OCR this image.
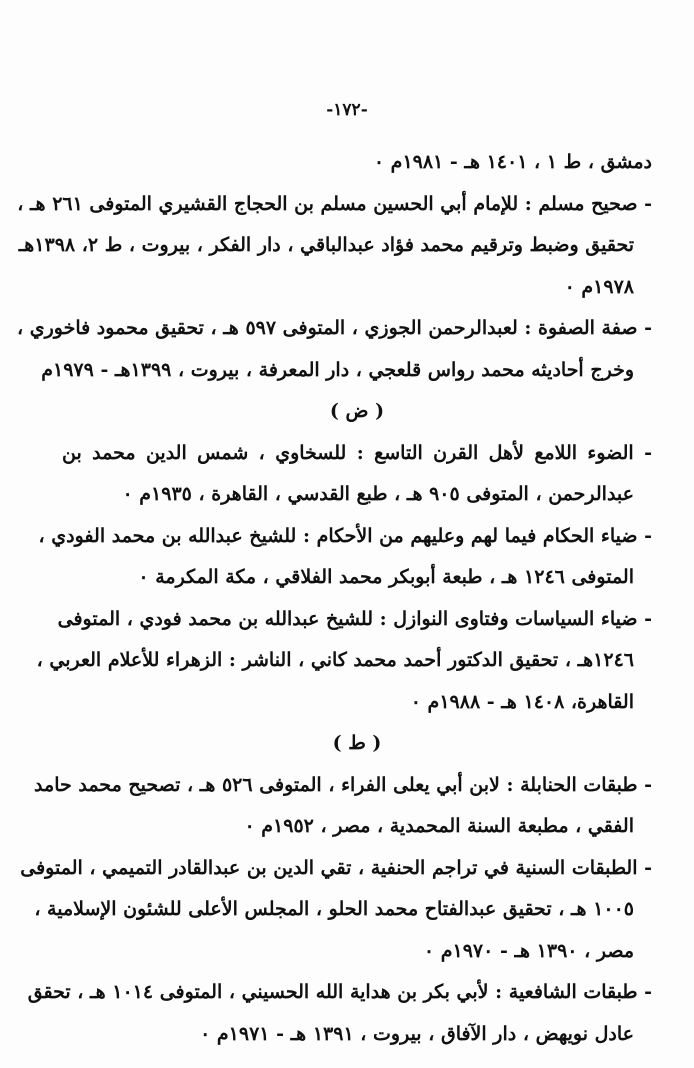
-١٧٢-
دمشق ، ط ١ ، ١٤٠١ هـ - ١٩٨١م ٠
- صحيح مسلم : للإمام أبي الحسين مسلم بن الحجاج القشيري المتوفى ٢٦١ هـ ،
تحقيق وضبط وترقيم محمد فؤاد عبدالباقي ، دار الفكر ، بيروت ، ط ٢، ١٣٩٨هـ
١٩٧٨م ٠
- صفة الصفوة : لعبدالرحمن الجوزي ، المتوفى ٥٩٧ هـ ، تحقيق محمود فاخوري ،
وخرج أحاديثه محمد رواس قلعجي ، دار المعرفة ، بيروت ، ١٣٩٩هـ - ١٩٧٩م
( ض )
- الضوء اللامع لأهل القرن التاسع : للسخاوي ، شمس الدين محمد بن
عبدالرحمن ، المتوفى ٩٠٥ هـ ، طبع القدسي ، القاهرة ، ١٩٣٥م ٠
- ضياء الحكام فيما لهم وعليهم من الأحكام : للشيخ عبدالله بن محمد الفودي ،
المتوفى ١٢٤٦ هـ ، طبعة أبوبكر محمد الفلاقي ، مكة المكرمة ٠
- ضياء السياسات وفتاوى النوازل : للشيخ عبدالله بن محمد فودي ، المتوفى
١٢٤٦هـ ، تحقيق الدكتور أحمد محمد كاني ، الناشر : الزهراء للأعلام العربي ،
القاهرة، ١٤٠٨ هـ - ١٩٨٨م ٠
( ط )
- طبقات الحنابلة : لابن أبي يعلى الفراء ، المتوفى ٥٢٦ هـ ، تصحيح محمد حامد
الفقي ، مطبعة السنة المحمدية ، مصر ، ١٩٥٢م ٠
- الطبقات السنية في تراجم الحنفية ، تقي الدين بن عبدالقادر التميمي ، المتوفى
١٠٠٥ هـ ، تحقيق عبدالفتاح محمد الحلو ، المجلس الأعلى للشئون الإسلامية ،
مصر ، ١٣٩٠ هـ - ١٩٧٠م ٠
- طبقات الشافعية : لأبي بكر بن هداية الله الحسيني ، المتوفى ١٠١٤ هـ ، تحقق
عادل نويهض ، دار الآفاق ، بيروت ، ١٣٩١ هـ - ١٩٧١م ٠
